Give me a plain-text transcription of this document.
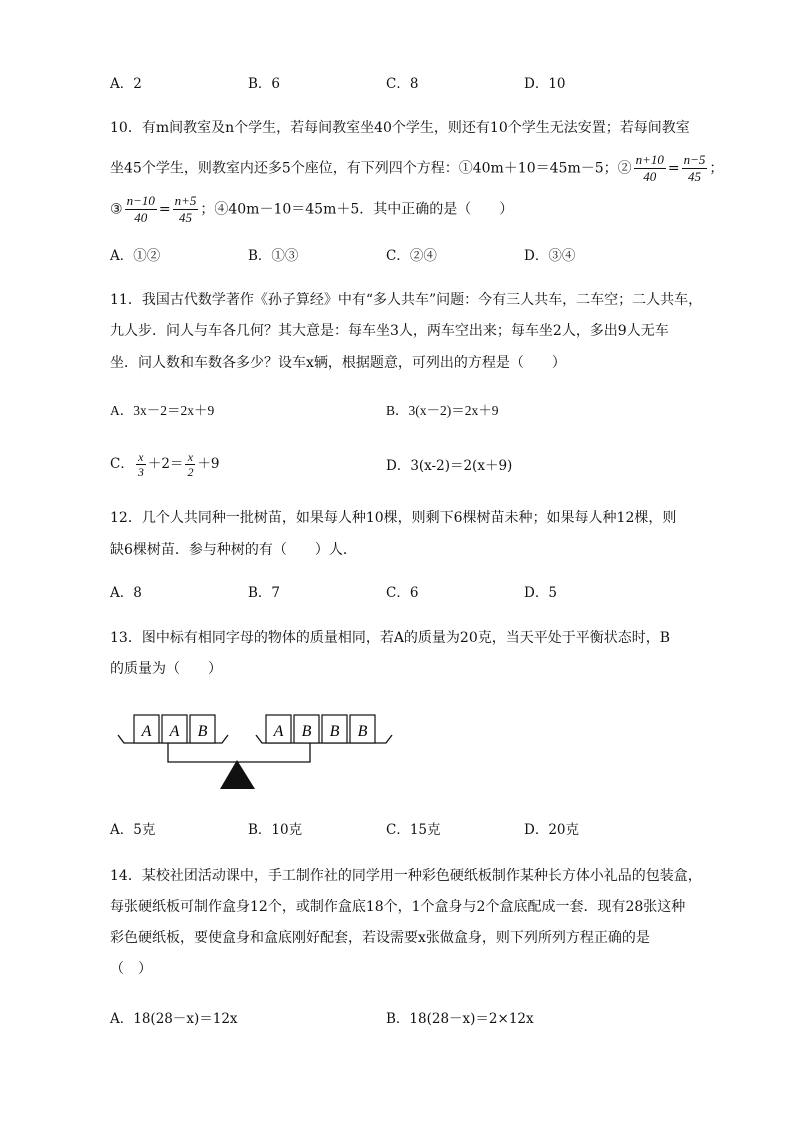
A．2	B．6	C．8	D．10
10．有m间教室及n个学生，若每间教室坐40个学生，则还有10个学生无法安置；若每间教室
坐45个学生，则教室内还多5个座位，有下列四个方程：①40m＋10＝45m－5；② $\frac{n+10}{40} = \frac{n-5}{45}$ ；
③ $\frac{n-10}{40} = \frac{n+5}{45}$ ；④40m－10＝45m＋5．其中正确的是（　　）
A．①②	B．①③	C．②④	D．③④
11．我国古代数学著作《孙子算经》中有“多人共车”问题：今有三人共车，二车空；二人共车，
九人步．问人与车各几何？其大意是：每车坐3人，两车空出来；每车坐2人，多出9人无车
坐．问人数和车数各多少？设车x辆，根据题意，可列出的方程是（　　）
A．3x－2＝2x＋9	B．3(x－2)＝2x＋9
C． $\frac{x}{3} +2= \frac{x}{2} +9$	D．3(x-2)＝2(x＋9)
12．几个人共同种一批树苗，如果每人种10棵，则剩下6棵树苗未种；如果每人种12棵，则
缺6棵树苗．参与种树的有（　　）人．
A．8	B．7	C．6	D．5
13．图中标有相同字母的物体的质量相同，若A的质量为20克，当天平处于平衡状态时，B
的质量为（　　）
A A B	A B B B
A．5克	B．10克	C．15克	D．20克
14．某校社团活动课中，手工制作社的同学用一种彩色硬纸板制作某种长方体小礼品的包装盒，
每张硬纸板可制作盒身12个，或制作盒底18个，1个盒身与2个盒底配成一套．现有28张这种
彩色硬纸板，要使盒身和盒底刚好配套，若设需要x张做盒身，则下列所列方程正确的是
（　）
A．18(28－x)＝12x	B．18(28－x)＝2×12x
